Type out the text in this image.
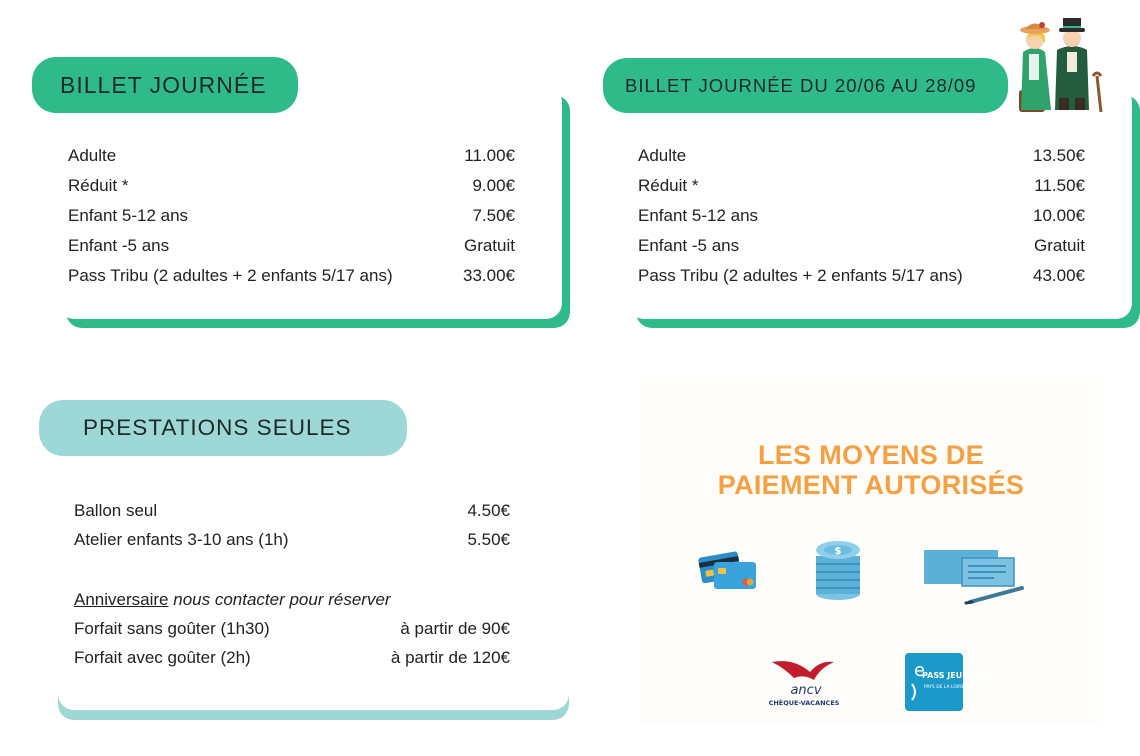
BILLET JOURNÉE
Adulte	11.00€
Réduit *	9.00€
Enfant 5-12 ans	7.50€
Enfant -5 ans	Gratuit
Pass Tribu (2 adultes + 2 enfants 5/17 ans)	33.00€
BILLET JOURNÉE DU 20/06 AU 28/09
Adulte	13.50€
Réduit *	11.50€
Enfant 5-12 ans	10.00€
Enfant -5 ans	Gratuit
Pass Tribu (2 adultes + 2 enfants 5/17 ans)	43.00€
PRESTATIONS SEULES
Ballon seul	4.50€
Atelier enfants 3-10 ans (1h)	5.50€
Anniversaire nous contacter pour réserver
Forfait sans goûter (1h30)	à partir de 90€
Forfait avec goûter (2h)	à partir de 120€
LES MOYENS DE
PAIEMENT AUTORISÉS
$
ancv
CHÈQUE-VACANCES
e
PASS JEUNES
PAYS DE LA LOIRE
